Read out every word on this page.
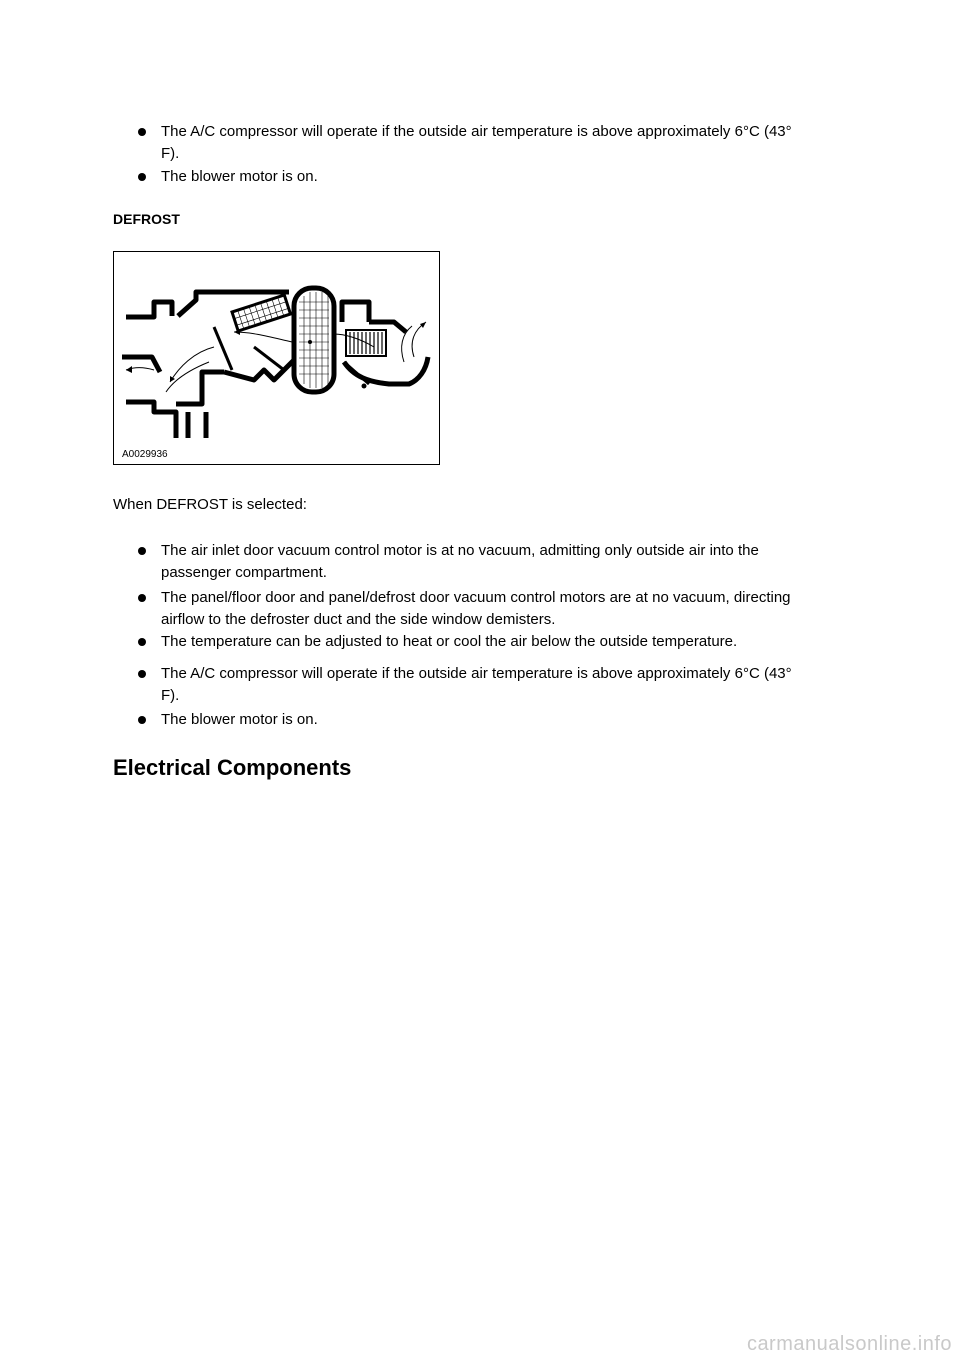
The A/C compressor will operate if the outside air temperature is above approximately 6°C (43°
F).
The blower motor is on.
DEFROST
A0029936
When DEFROST is selected:
The air inlet door vacuum control motor is at no vacuum, admitting only outside air into the
passenger compartment.
The panel/floor door and panel/defrost door vacuum control motors are at no vacuum, directing
airflow to the defroster duct and the side window demisters.
The temperature can be adjusted to heat or cool the air below the outside temperature.
The A/C compressor will operate if the outside air temperature is above approximately 6°C (43°
F).
The blower motor is on.
Electrical Components
carmanualsonline.info
